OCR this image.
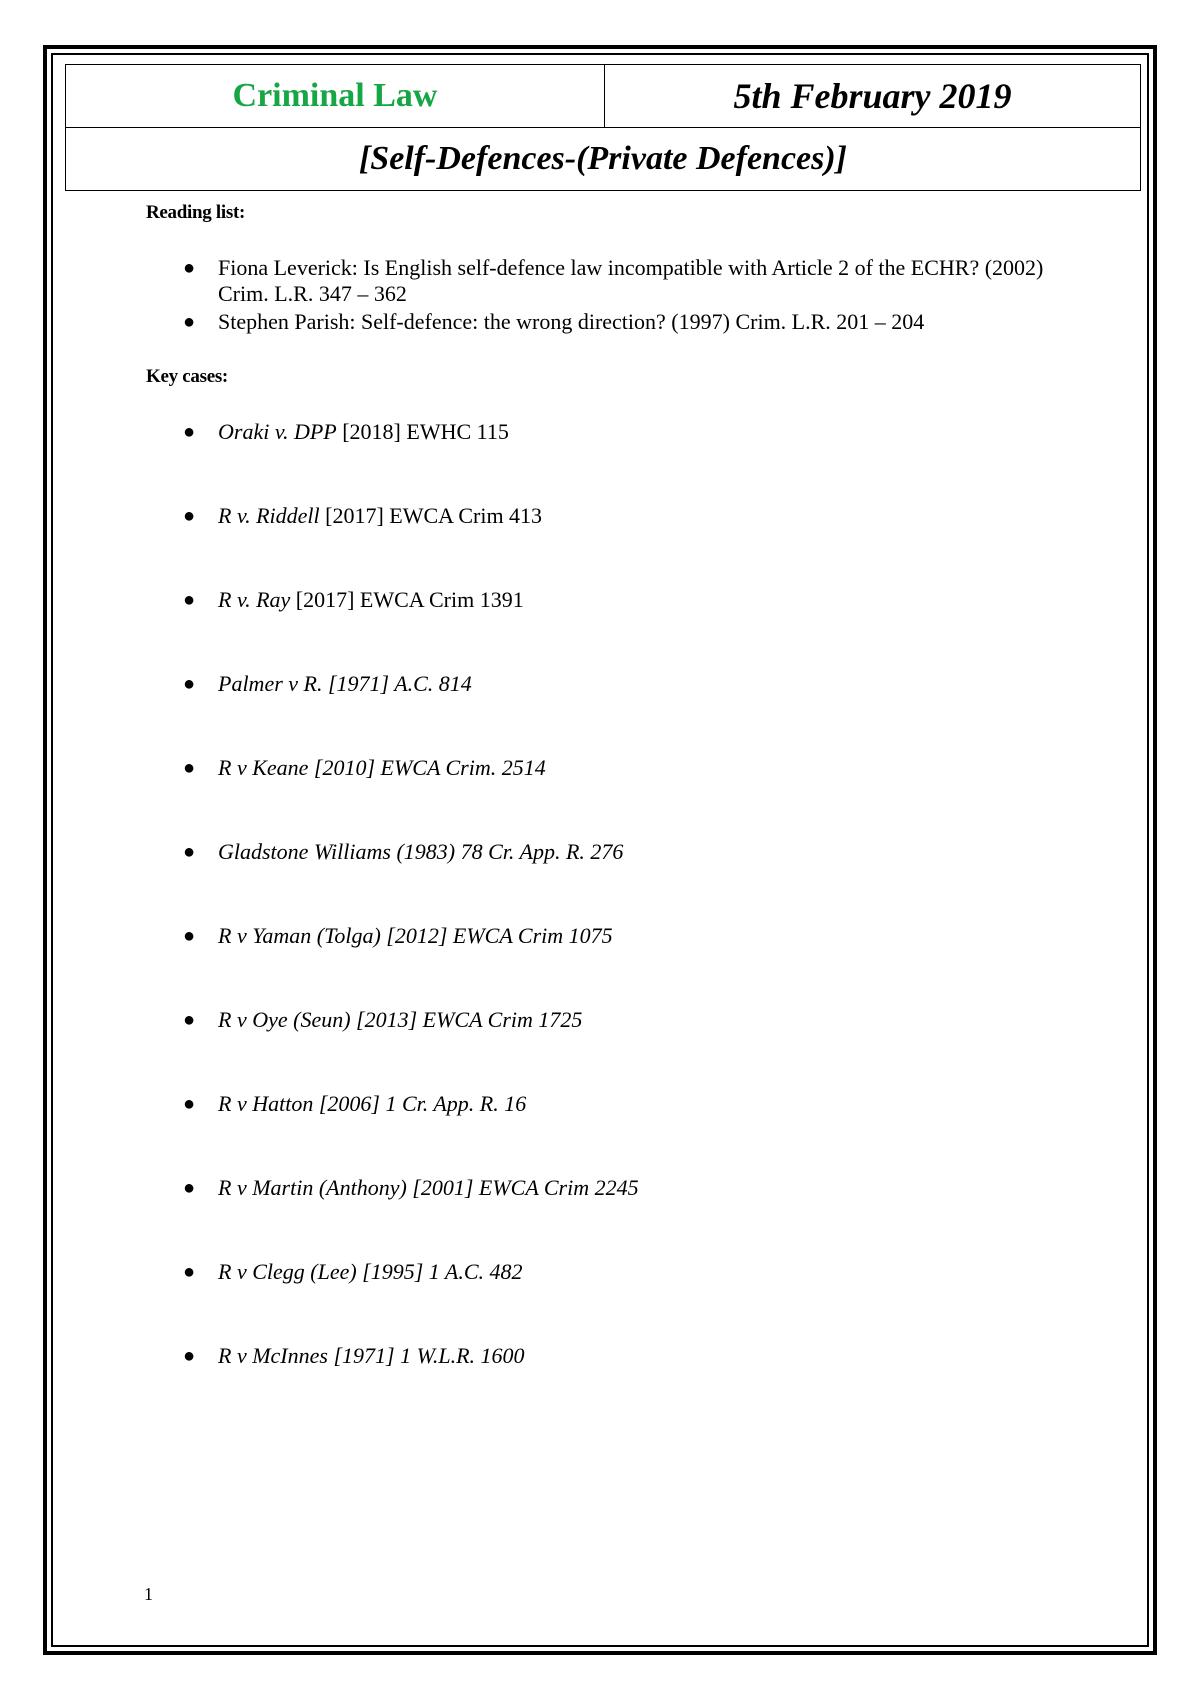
Criminal Law	5th February 2019
[Self-Defences-(Private Defences)]
Reading list:
● Fiona Leverick: Is English self-defence law incompatible with Article 2 of the ECHR? (2002) Crim. L.R. 347 – 362
● Stephen Parish: Self-defence: the wrong direction? (1997) Crim. L.R. 201 – 204
Key cases:
● Oraki v. DPP [2018] EWHC 115
● R v. Riddell [2017] EWCA Crim 413
● R v. Ray [2017] EWCA Crim 1391
● Palmer v R. [1971] A.C. 814
● R v Keane [2010] EWCA Crim. 2514
● Gladstone Williams (1983) 78 Cr. App. R. 276
● R v Yaman (Tolga) [2012] EWCA Crim 1075
● R v Oye (Seun) [2013] EWCA Crim 1725
● R v Hatton [2006] 1 Cr. App. R. 16
● R v Martin (Anthony) [2001] EWCA Crim 2245
● R v Clegg (Lee) [1995] 1 A.C. 482
● R v McInnes [1971] 1 W.L.R. 1600
1
